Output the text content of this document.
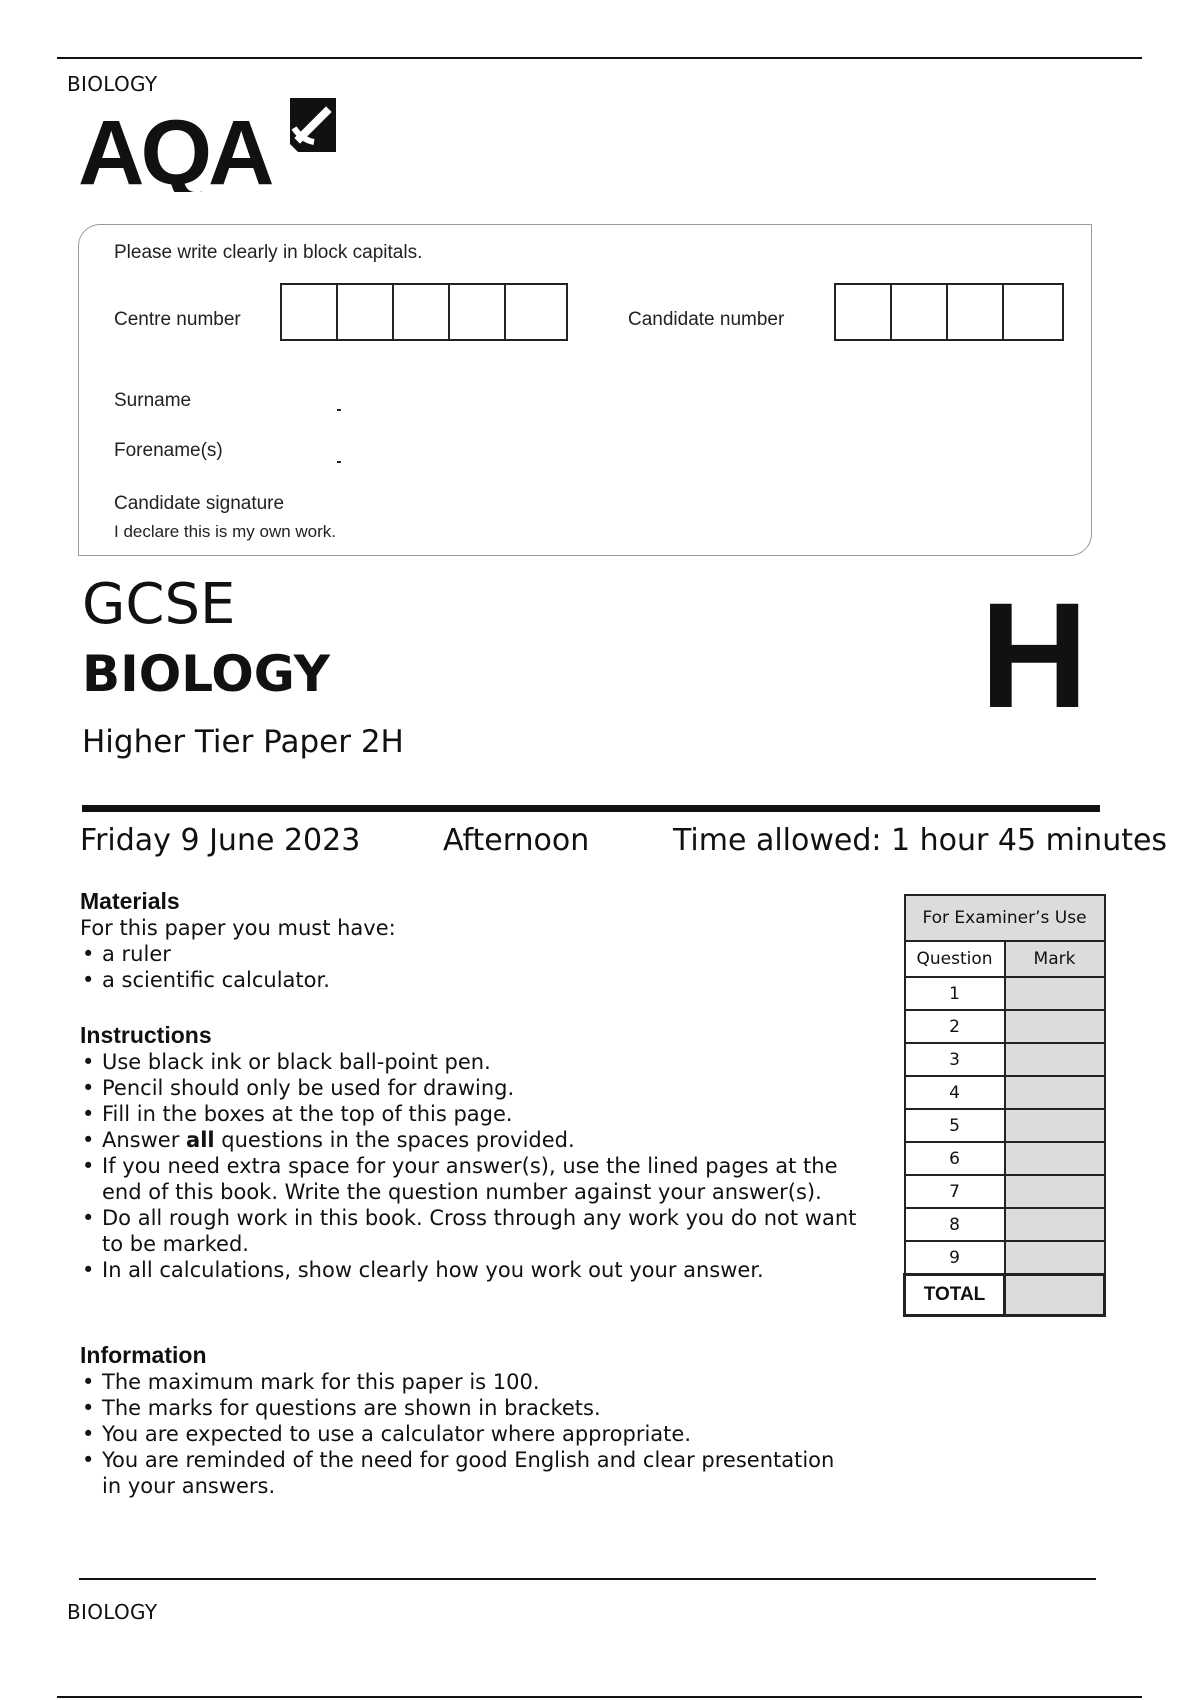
BIOLOGY
AQA
Please write clearly in block capitals.
Centre number	Candidate number
Surname
Forename(s)
Candidate signature
I declare this is my own work.
GCSE
BIOLOGY
Higher Tier Paper 2H
H
Friday 9 June 2023	Afternoon	Time allowed: 1 hour 45 minutes
Materials
For this paper you must have:
• a ruler
• a scientific calculator.
Instructions
• Use black ink or black ball-point pen.
• Pencil should only be used for drawing.
• Fill in the boxes at the top of this page.
• Answer all questions in the spaces provided.
• If you need extra space for your answer(s), use the lined pages at the end of this book. Write the question number against your answer(s).
• Do all rough work in this book. Cross through any work you do not want to be marked.
• In all calculations, show clearly how you work out your answer.
Information
• The maximum mark for this paper is 100.
• The marks for questions are shown in brackets.
• You are expected to use a calculator where appropriate.
• You are reminded of the need for good English and clear presentation in your answers.
For Examiner’s Use	
Question	Mark
1	
2	
3	
4	
5	
6	
7	
8	
9	
TOTAL	
BIOLOGY
